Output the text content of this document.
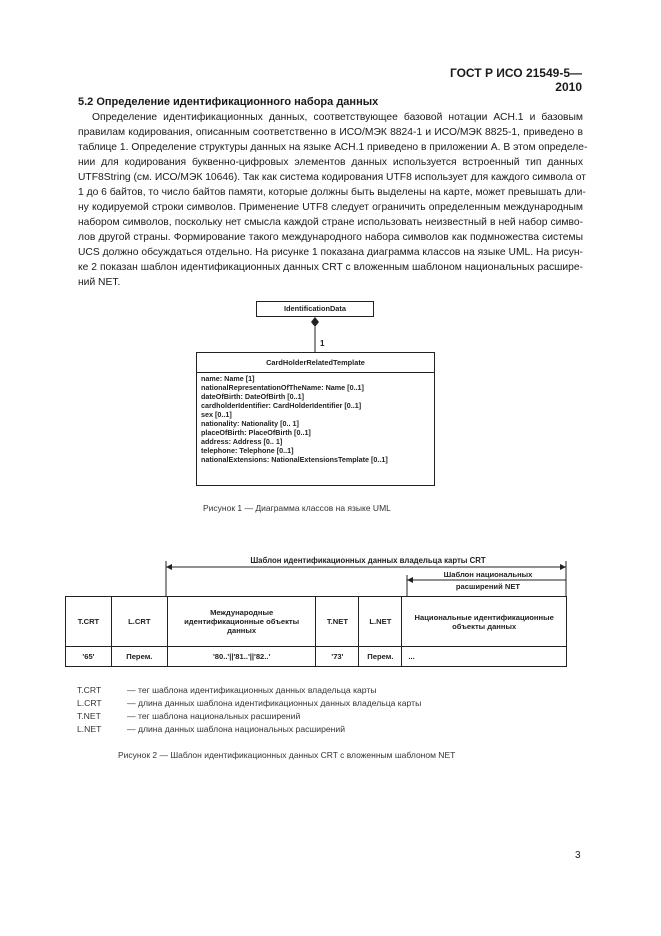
ГОСТ Р ИСО 21549-5—2010
5.2 Определение идентификационного набора данных
Определение идентификационных данных, соответствующее базовой нотации АСН.1 и базовым
правилам кодирования, описанным соответственно в ИСО/МЭК 8824-1 и ИСО/МЭК 8825-1, приведено в
таблице 1. Определение структуры данных на языке АСН.1 приведено в приложении А. В этом определе-
нии для кодирования буквенно-цифровых элементов данных используется встроенный тип данных
UTF8String (см. ИСО/МЭК 10646). Так как система кодирования UTF8 использует для каждого символа от
1 до 6 байтов, то число байтов памяти, которые должны быть выделены на карте, может превышать дли-
ну кодируемой строки символов. Применение UTF8 следует ограничить определенным международным
набором символов, поскольку нет смысла каждой стране использовать неизвестный в ней набор симво-
лов другой страны. Формирование такого международного набора символов как подмножества системы
UCS должно обсуждаться отдельно. На рисунке 1 показана диаграмма классов на языке UML. На рисун-
ке 2 показан шаблон идентификационных данных CRT с вложенным шаблоном национальных расшире-
ний NET.
IdentificationData
1
CardHolderRelatedTemplate
name: Name [1]
nationalRepresentationOfTheName: Name [0..1]
dateOfBirth: DateOfBirth [0..1]
cardholderIdentifier: CardHolderIdentifier [0..1]
sex [0..1]
nationality: Nationality [0.. 1]
placeOfBirth: PlaceOfBirth [0..1]
address: Address [0.. 1]
telephone: Telephone [0..1]
nationalExtensions: NationalExtensionsTemplate [0..1]
Рисунок 1 — Диаграмма классов на языке UML
Шаблон идентификационных данных владельца карты CRT
Шаблон национальных
расширений NET
T.CRT	L.CRT	Международные идентификационные объекты данных	T.NET	L.NET	Национальные идентификационные объекты данных
'65'	Перем.	'80..'||'81..'||'82..'	'73'	Перем.	...
T.CRT	— тег шаблона идентификационных данных владельца карты
L.CRT	— длина данных шаблона идентификационных данных владельца карты
T.NET	— тег шаблона национальных расширений
L.NET	— длина данных шаблона национальных расширений
Рисунок 2 — Шаблон идентификационных данных CRT с вложенным шаблоном NET
3
